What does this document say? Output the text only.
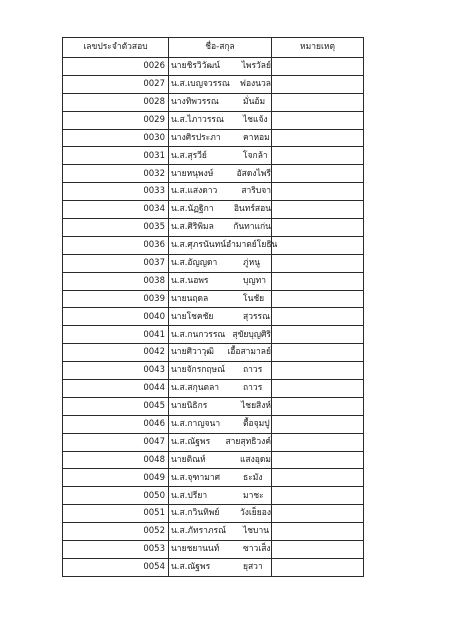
เลขประจำตัวสอบ	ชื่อ-สกุล	หมายเหตุ

0026	นายชิรวิวัฒน์ ไพรวัลย์	

0027	น.ส.เบญจวรรณ ฟองนวล	

0028	นางทิพวรรณ มั่นอ้ม	

0029	น.ส.ไภาวรรณ ไชแจ้ง	

0030	นางศิรประภา คาหอม	

0031	น.ส.สุรวีย์ โจกล้า	

0032	นายหนุพงษ์ อัสดงไพรี	

0033	น.ส.แสงดาว สาริบจา	

0034	น.ส.นัฏฐิกา อินทร์สอน	

0035	น.ส.ศิริพิมล กันทาแก่น	

0036	น.ส.ศุภรนันทน์ อำมาตย์โยธิน	

0037	น.ส.อัญญดา ภู่หนู	

0038	น.ส.นอพร บุญทา	

0039	นายนฤดล โนชัย	

0040	นายโชคชัย สุวรรณ	

0041	น.ส.กนกวรรณ สุขัยบุญศิริ	

0042	นายศิวาวุฒิ เอื้อสามาลย์	

0043	นายจักรกฤษณ์ ถาวร	

0044	น.ส.สกุนตลา ถาวร	

0045	นายนิธิกร ไชยสิงห์	

0046	น.ส.กาญจนา ตื้อจุมปู	

0047	น.ส.ณัฐพร สายสุทธิวงค์	

0048	นายติณห์ แสงอุดม	

0049	น.ส.จุฑามาศ ธะมัง	

0050	น.ส.ปรียา มาชะ	

0051	น.ส.กวินทิพย์ วังเย็ยอง	

0052	น.ส.ภัทราภรณ์ ไชบาน	

0053	นายชยานนท์ ซาวเส็ง	

0054	น.ส.ณัฐพร ยุสวา	
